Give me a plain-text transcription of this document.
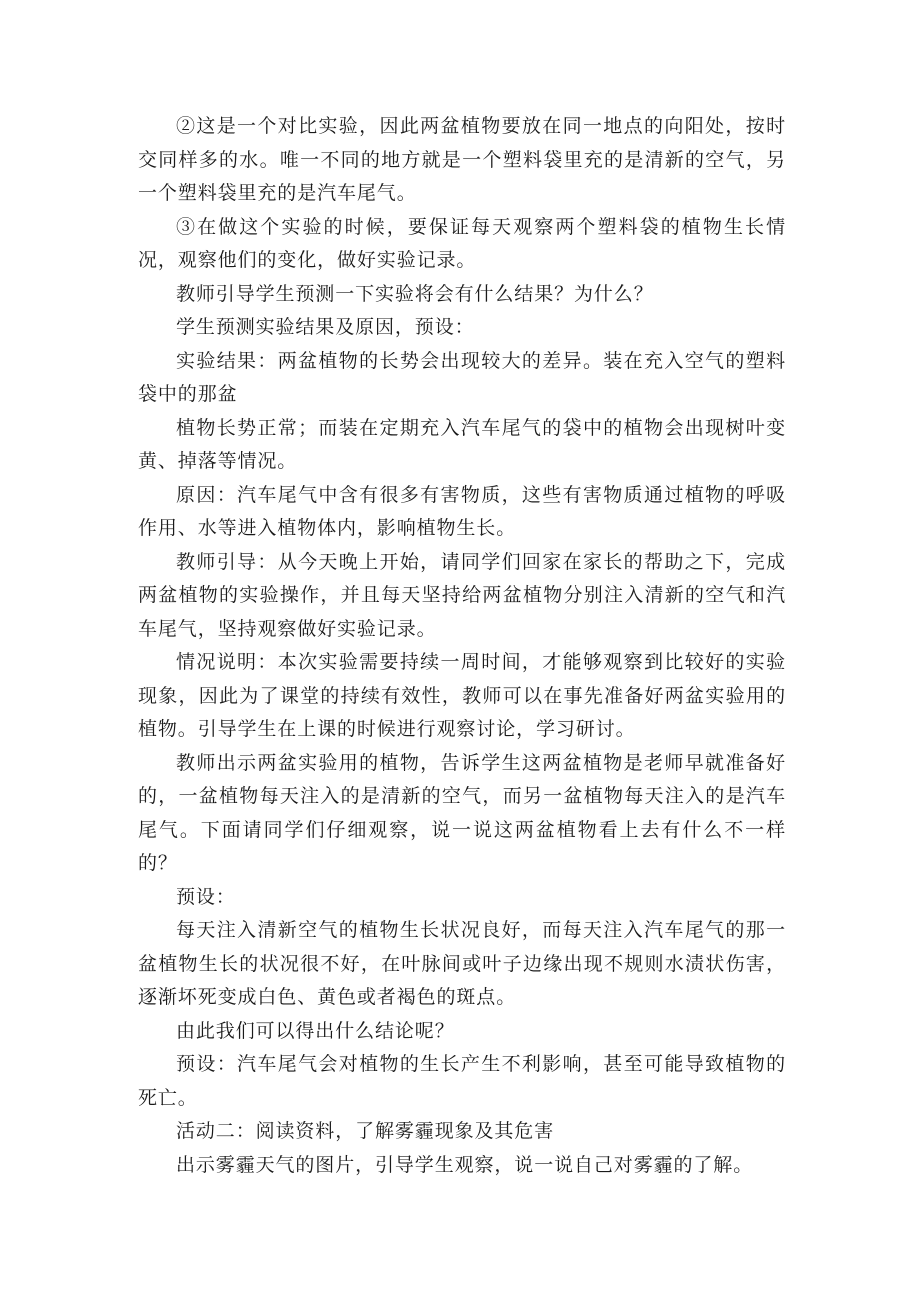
②这是一个对比实验，因此两盆植物要放在同一地点的向阳处，按时交同样多的水。唯一不同的地方就是一个塑料袋里充的是清新的空气，另一个塑料袋里充的是汽车尾气。

③在做这个实验的时候，要保证每天观察两个塑料袋的植物生长情况，观察他们的变化，做好实验记录。

教师引导学生预测一下实验将会有什么结果？为什么？

学生预测实验结果及原因，预设：

实验结果：两盆植物的长势会出现较大的差异。装在充入空气的塑料袋中的那盆

植物长势正常；而装在定期充入汽车尾气的袋中的植物会出现树叶变黄、掉落等情况。

原因：汽车尾气中含有很多有害物质，这些有害物质通过植物的呼吸作用、水等进入植物体内，影响植物生长。

教师引导：从今天晚上开始，请同学们回家在家长的帮助之下，完成两盆植物的实验操作，并且每天坚持给两盆植物分别注入清新的空气和汽车尾气，坚持观察做好实验记录。

情况说明：本次实验需要持续一周时间，才能够观察到比较好的实验现象，因此为了课堂的持续有效性，教师可以在事先准备好两盆实验用的植物。引导学生在上课的时候进行观察讨论，学习研讨。

教师出示两盆实验用的植物，告诉学生这两盆植物是老师早就准备好的，一盆植物每天注入的是清新的空气，而另一盆植物每天注入的是汽车尾气。下面请同学们仔细观察，说一说这两盆植物看上去有什么不一样的？

预设：

每天注入清新空气的植物生长状况良好，而每天注入汽车尾气的那一盆植物生长的状况很不好，在叶脉间或叶子边缘出现不规则水渍状伤害，逐渐坏死变成白色、黄色或者褐色的斑点。

由此我们可以得出什么结论呢？

预设：汽车尾气会对植物的生长产生不利影响，甚至可能导致植物的死亡。

活动二：阅读资料，了解雾霾现象及其危害

出示雾霾天气的图片，引导学生观察，说一说自己对雾霾的了解。
